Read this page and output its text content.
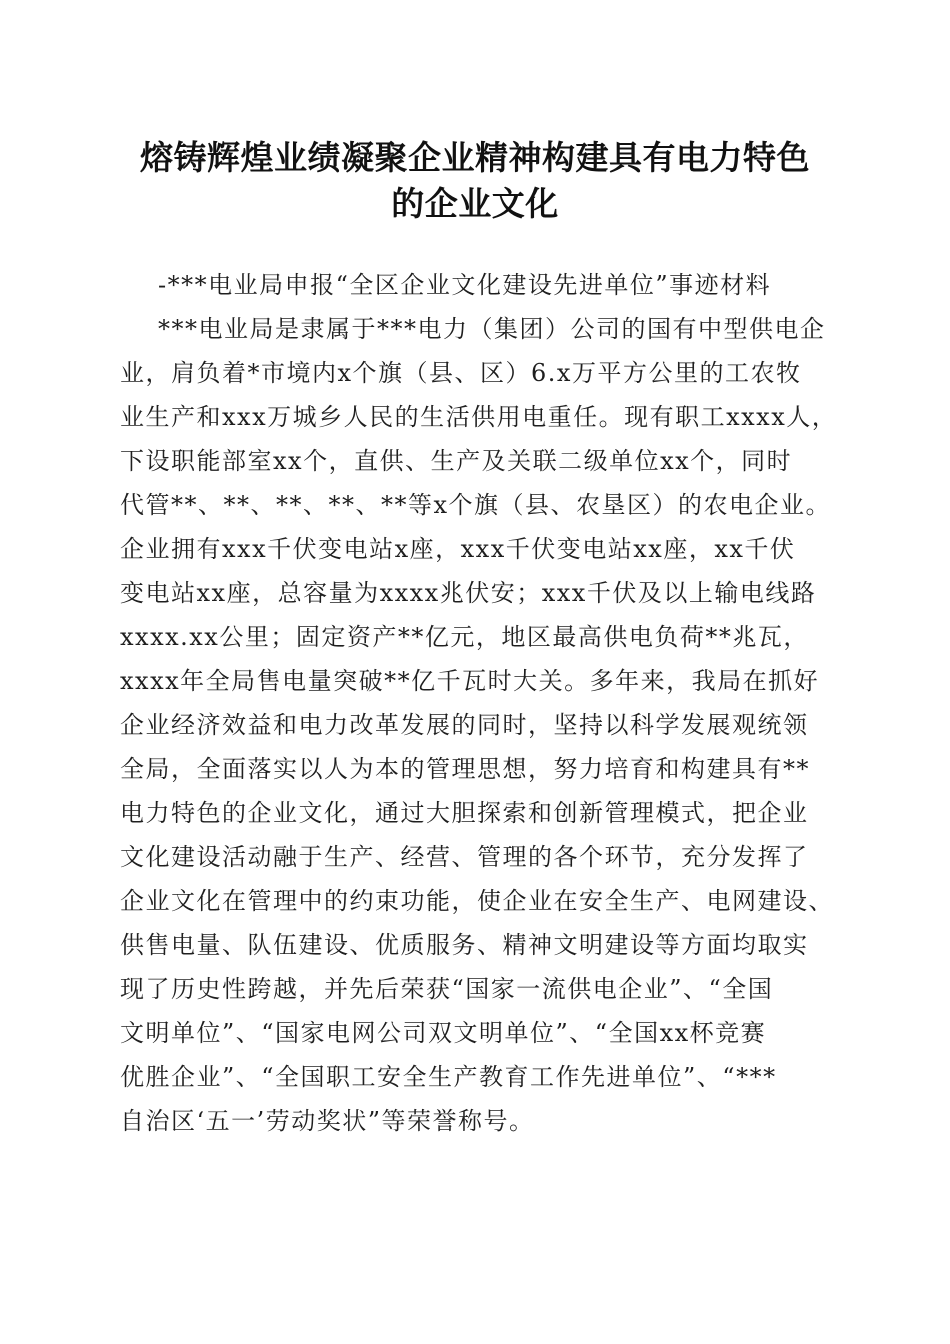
熔铸辉煌业绩凝聚企业精神构建具有电力特色
的企业文化
-***电业局申报“全区企业文化建设先进单位”事迹材料
***电业局是隶属于***电力（集团）公司的国有中型供电企
业，肩负着*市境内x个旗（县、区）6.x万平方公里的工农牧
业生产和xxx万城乡人民的生活供用电重任。现有职工xxxx人，
下设职能部室xx个，直供、生产及关联二级单位xx个，同时
代管**、**、**、**、**等x个旗（县、农垦区）的农电企业。
企业拥有xxx千伏变电站x座，xxx千伏变电站xx座，xx千伏
变电站xx座，总容量为xxxx兆伏安；xxx千伏及以上输电线路
xxxx.xx公里；固定资产**亿元，地区最高供电负荷**兆瓦，
xxxx年全局售电量突破**亿千瓦时大关。多年来，我局在抓好
企业经济效益和电力改革发展的同时，坚持以科学发展观统领
全局，全面落实以人为本的管理思想，努力培育和构建具有**
电力特色的企业文化，通过大胆探索和创新管理模式，把企业
文化建设活动融于生产、经营、管理的各个环节，充分发挥了
企业文化在管理中的约束功能，使企业在安全生产、电网建设、
供售电量、队伍建设、优质服务、精神文明建设等方面均取实
现了历史性跨越，并先后荣获“国家一流供电企业”、“全国
文明单位”、“国家电网公司双文明单位”、“全国xx杯竞赛
优胜企业”、“全国职工安全生产教育工作先进单位”、“***
自治区‘五一’劳动奖状”等荣誉称号。
